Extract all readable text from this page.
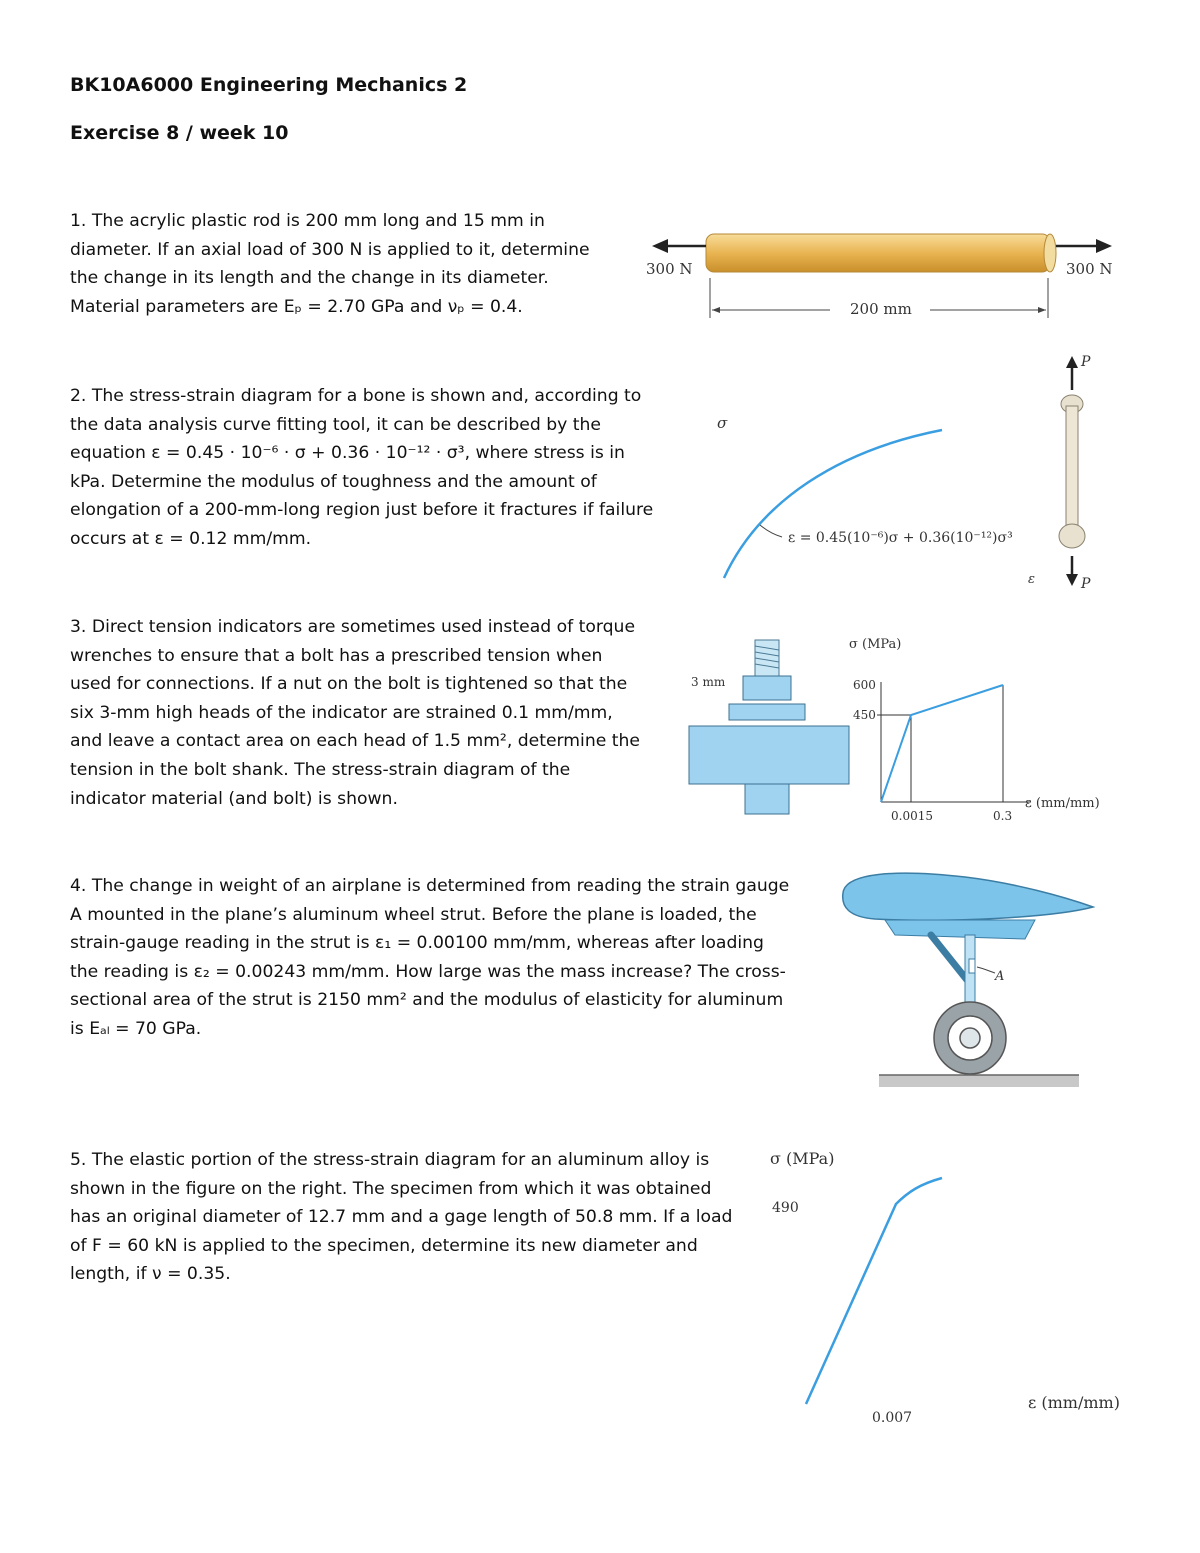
BK10A6000 Engineering Mechanics 2
Exercise 8 / week 10

1. The acrylic plastic rod is 200 mm long and 15 mm in

diameter. If an axial load of 300 N is applied to it, determine

the change in its length and the change in its diameter.

Material parameters are Eₚ = 2.70 GPa and νₚ = 0.4.

2. The stress-strain diagram for a bone is shown and, according to

the data analysis curve fitting tool, it can be described by the

equation ε = 0.45 · 10⁻⁶ · σ + 0.36 · 10⁻¹² · σ³, where stress is in

kPa. Determine the modulus of toughness and the amount of

elongation of a 200-mm-long region just before it fractures if failure

occurs at ε = 0.12 mm/mm.

3. Direct tension indicators are sometimes used instead of torque

wrenches to ensure that a bolt has a prescribed tension when

used for connections. If a nut on the bolt is tightened so that the

six 3-mm high heads of the indicator are strained 0.1 mm/mm,

and leave a contact area on each head of 1.5 mm², determine the

tension in the bolt shank. The stress-strain diagram of the

indicator material (and bolt) is shown.

4. The change in weight of an airplane is determined from reading the strain gauge

A mounted in the plane’s aluminum wheel strut. Before the plane is loaded, the

strain-gauge reading in the strut is ε₁ = 0.00100 mm/mm, whereas after loading

the reading is ε₂ = 0.00243 mm/mm. How large was the mass increase? The cross-

sectional area of the strut is 2150 mm² and the modulus of elasticity for aluminum

is Eₐₗ = 70 GPa.

5. The elastic portion of the stress-strain diagram for an aluminum alloy is

shown in the figure on the right. The specimen from which it was obtained

has an original diameter of 12.7 mm and a gage length of 50.8 mm. If a load

of F = 60 kN is applied to the specimen, determine its new diameter and

length, if ν = 0.35.

300 N	300 N
200 mm
σ
ε = 0.45(10⁻⁶)σ + 0.36(10⁻¹²)σ³
ε
P
P
3 mm
σ (MPa)
ε (mm/mm)
600
450
0.0015	0.3
A
σ (MPa)
490
0.007
ε (mm/mm)
